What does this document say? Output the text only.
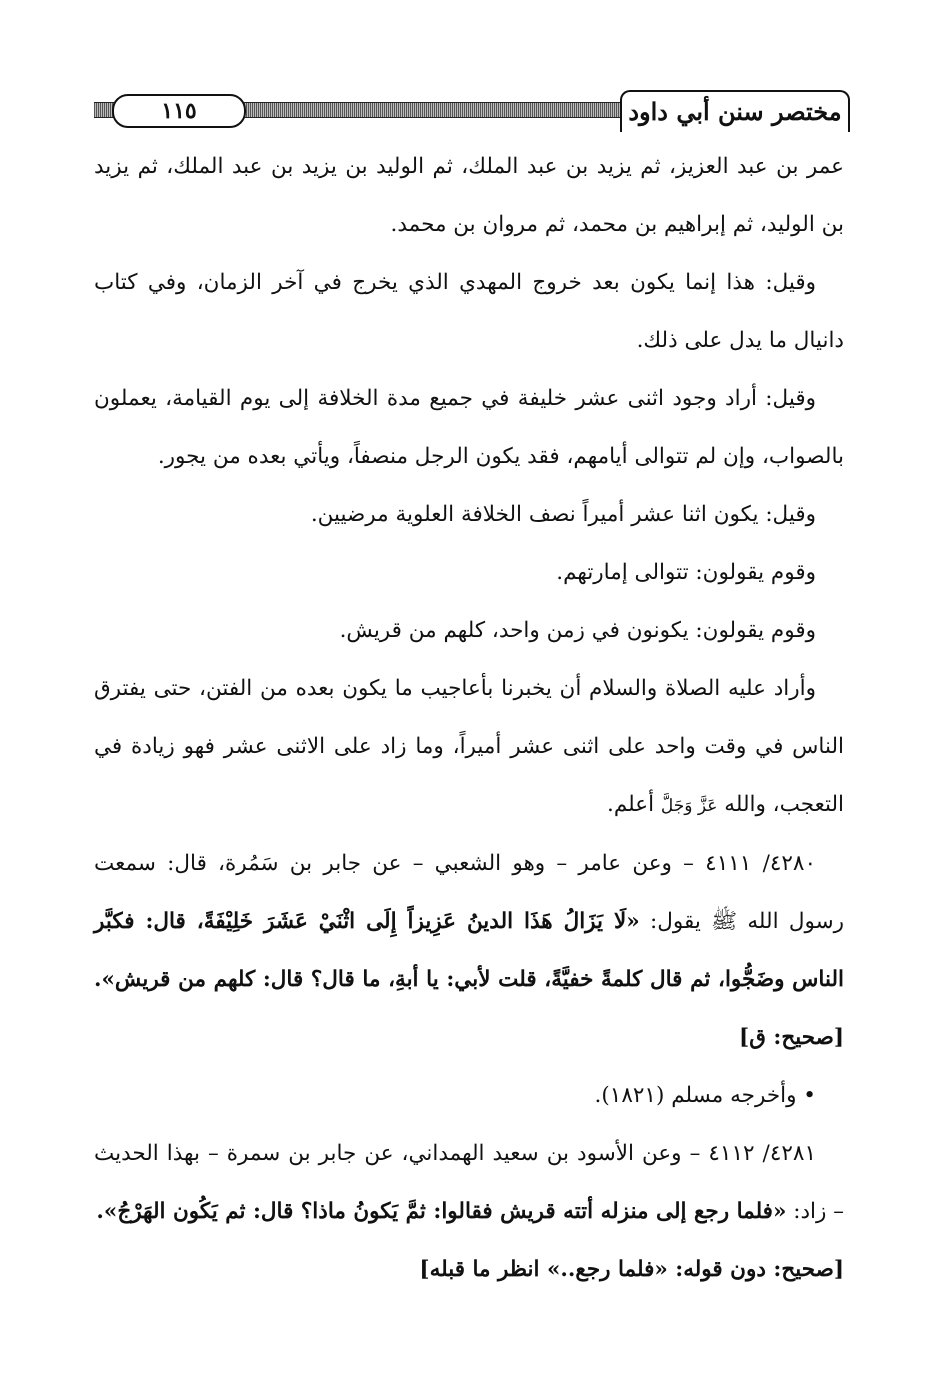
١١٥	مختصر سنن أبي داود

عمر بن عبد العزيز، ثم يزيد بن عبد الملك، ثم الوليد بن يزيد بن عبد الملك، ثم يزيد بن الوليد، ثم إبراهيم بن محمد، ثم مروان بن محمد.

وقيل: هذا إنما يكون بعد خروج المهدي الذي يخرج في آخر الزمان، وفي كتاب دانيال ما يدل على ذلك.

وقيل: أراد وجود اثنى عشر خليفة في جميع مدة الخلافة إلى يوم القيامة، يعملون بالصواب، وإن لم تتوالى أيامهم، فقد يكون الرجل منصفاً، ويأتي بعده من يجور.

وقيل: يكون اثنا عشر أميراً نصف الخلافة العلوية مرضيين.

وقوم يقولون: تتوالى إمارتهم.

وقوم يقولون: يكونون في زمن واحد، كلهم من قريش.

وأراد عليه الصلاة والسلام أن يخبرنا بأعاجيب ما يكون بعده من الفتن، حتى يفترق الناس في وقت واحد على اثنى عشر أميراً، وما زاد على الاثنى عشر فهو زيادة في التعجب، والله عَزَّ وَجَلَّ أعلم.

٤٢٨٠/ ٤١١١ – وعن عامر – وهو الشعبي – عن جابر بن سَمُرة، قال: سمعت رسول الله ﷺ يقول: «لَا يَزَالُ هَذَا الدينُ عَزِيزاً إِلَى اثْنَيْ عَشَرَ خَلِيْفَةً، قال: فكبَّر الناس وضَجُّوا، ثم قال كلمةً خفيَّةً، قلت لأبي: يا أبةِ، ما قال؟ قال: كلهم من قريش». [صحيح: ق]

• وأخرجه مسلم (١٨٢١).

٤٢٨١/ ٤١١٢ – وعن الأسود بن سعيد الهمداني، عن جابر بن سمرة – بهذا الحديث – زاد: «فلما رجع إلى منزله أتته قريش فقالوا: ثمَّ يَكونُ ماذا؟ قال: ثم يَكُون الهَرْجُ».

[صحيح: دون قوله: «فلما رجع..» انظر ما قبله]
